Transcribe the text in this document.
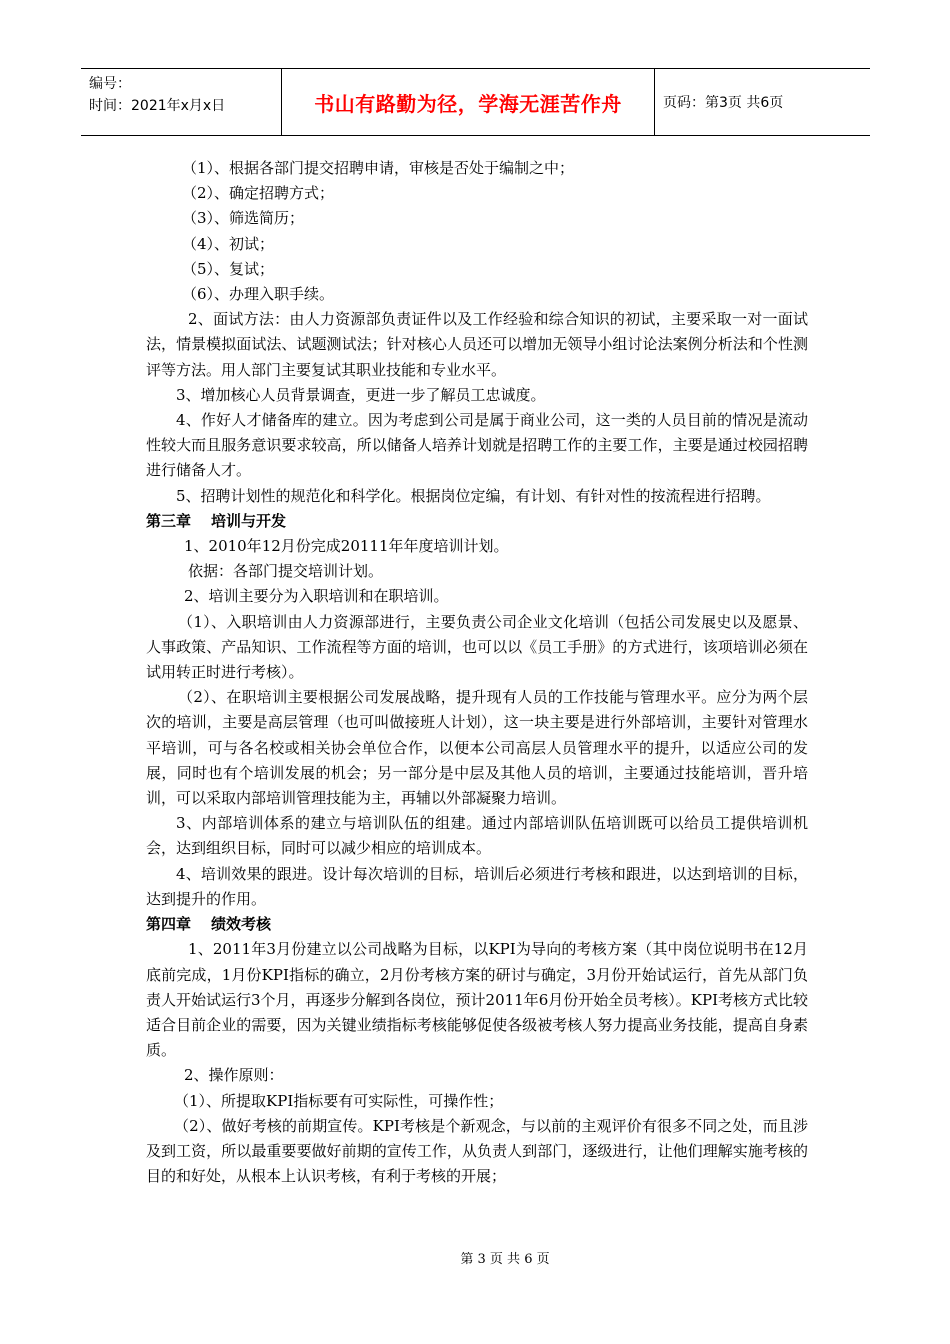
编号：
时间：2021年x月x日	书山有路勤为径，学海无涯苦作舟	页码：第3页 共6页

（1）、根据各部门提交招聘申请，审核是否处于编制之中；

（2）、确定招聘方式；

（3）、筛选简历；

（4）、初试；

（5）、复试；

（6）、办理入职手续。

2、面试方法：由人力资源部负责证件以及工作经验和综合知识的初试，主要采取一对一面试法，情景模拟面试法、试题测试法；针对核心人员还可以增加无领导小组讨论法案例分析法和个性测评等方法。用人部门主要复试其职业技能和专业水平。

3、增加核心人员背景调查，更进一步了解员工忠诚度。

4、作好人才储备库的建立。因为考虑到公司是属于商业公司，这一类的人员目前的情况是流动性较大而且服务意识要求较高，所以储备人培养计划就是招聘工作的主要工作，主要是通过校园招聘进行储备人才。

5、招聘计划性的规范化和科学化。根据岗位定编，有计划、有针对性的按流程进行招聘。

第三章 培训与开发

1、2010年12月份完成20111年年度培训计划。

依据：各部门提交培训计划。

2、培训主要分为入职培训和在职培训。

（1）、入职培训由人力资源部进行，主要负责公司企业文化培训（包括公司发展史以及愿景、人事政策、产品知识、工作流程等方面的培训，也可以以《员工手册》的方式进行，该项培训必须在试用转正时进行考核）。

（2）、在职培训主要根据公司发展战略，提升现有人员的工作技能与管理水平。应分为两个层次的培训，主要是高层管理（也可叫做接班人计划），这一块主要是进行外部培训，主要针对管理水平培训，可与各名校或相关协会单位合作，以便本公司高层人员管理水平的提升，以适应公司的发展，同时也有个培训发展的机会；另一部分是中层及其他人员的培训，主要通过技能培训，晋升培训，可以采取内部培训管理技能为主，再辅以外部凝聚力培训。

3、内部培训体系的建立与培训队伍的组建。通过内部培训队伍培训既可以给员工提供培训机会，达到组织目标，同时可以减少相应的培训成本。

4、培训效果的跟进。设计每次培训的目标，培训后必须进行考核和跟进，以达到培训的目标，达到提升的作用。

第四章 绩效考核

1、2011年3月份建立以公司战略为目标，以KPI为导向的考核方案（其中岗位说明书在12月底前完成，1月份KPI指标的确立，2月份考核方案的研讨与确定，3月份开始试运行，首先从部门负责人开始试运行3个月，再逐步分解到各岗位，预计2011年6月份开始全员考核）。KPI考核方式比较适合目前企业的需要，因为关键业绩指标考核能够促使各级被考核人努力提高业务技能，提高自身素质。

2、操作原则：

（1）、所提取KPI指标要有可实际性，可操作性；

（2）、做好考核的前期宣传。KPI考核是个新观念，与以前的主观评价有很多不同之处，而且涉及到工资，所以最重要要做好前期的宣传工作，从负责人到部门，逐级进行，让他们理解实施考核的目的和好处，从根本上认识考核，有利于考核的开展；

第 3 页 共 6 页
